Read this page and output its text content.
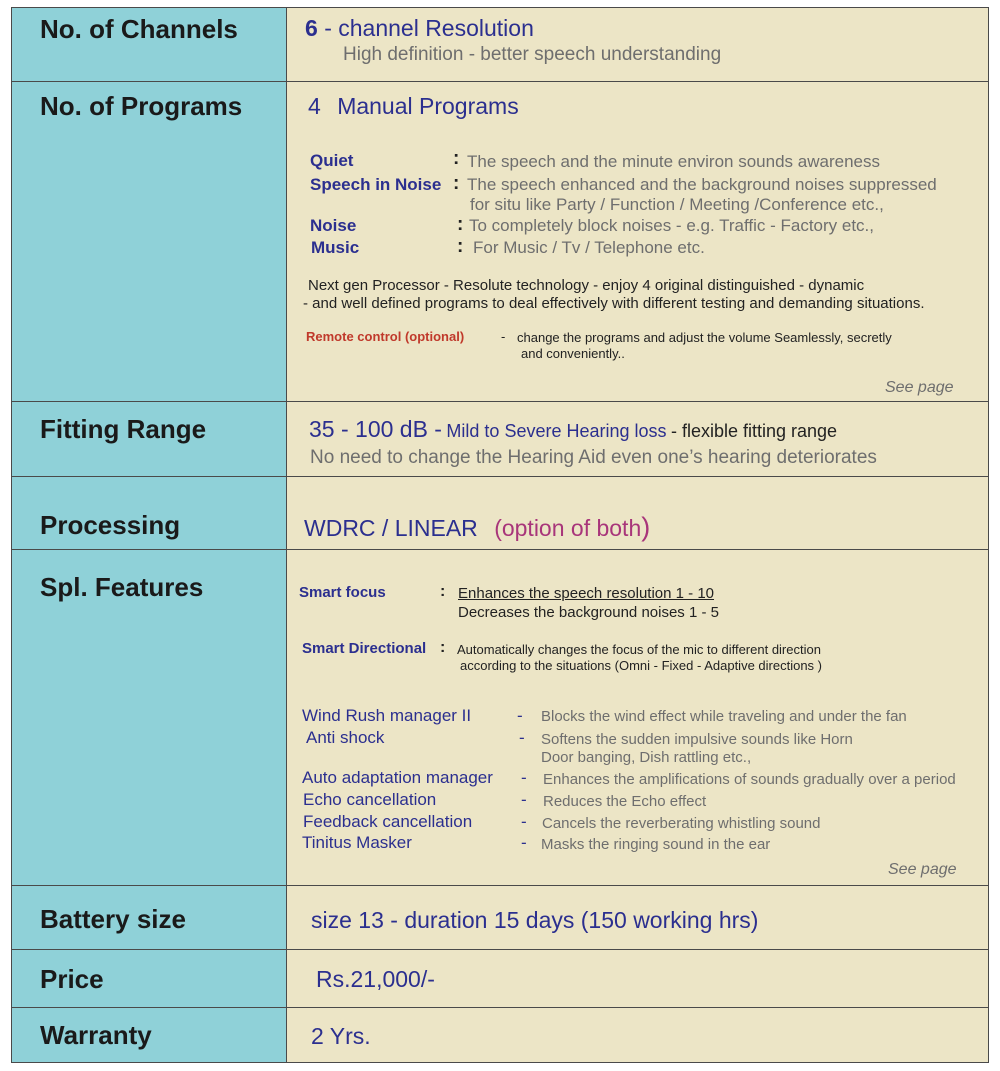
No. of Channels	6 - channel Resolution
High definition - better speech understanding
No. of Programs	4 Manual Programs
Quiet	: The speech and the minute environ sounds awareness
Speech in Noise : The speech enhanced and the background noises suppressed
for situ like Party / Function / Meeting /Conference etc.,
Noise	: To completely block noises - e.g. Traffic - Factory etc.,
Music	: For Music / Tv / Telephone etc.
Next gen Processor - Resolute technology - enjoy 4 original distinguished - dynamic
- and well defined programs to deal effectively with different testing and demanding situations.
Remote control (optional)	- change the programs and adjust the volume Seamlessly, secretly
and conveniently..
See page
Fitting Range	35 - 100 dB - Mild to Severe Hearing loss - flexible fitting range
No need to change the Hearing Aid even one’s hearing deteriorates
Processing	WDRC / LINEAR (option of both)
Spl. Features	Smart focus	: Enhances the speech resolution 1 - 10
Decreases the background noises 1 - 5
Smart Directional : Automatically changes the focus of the mic to different direction
according to the situations (Omni - Fixed - Adaptive directions )
Wind Rush manager II	- Blocks the wind effect while traveling and under the fan
Anti shock	- Softens the sudden impulsive sounds like Horn
Door banging, Dish rattling etc.,
Auto adaptation manager - Enhances the amplifications of sounds gradually over a period
Echo cancellation	- Reduces the Echo effect
Feedback cancellation	- Cancels the reverberating whistling sound
Tinitus Masker	- Masks the ringing sound in the ear
See page
Battery size	size 13 - duration 15 days (150 working hrs)
Price	Rs.21,000/-
Warranty	2 Yrs.
